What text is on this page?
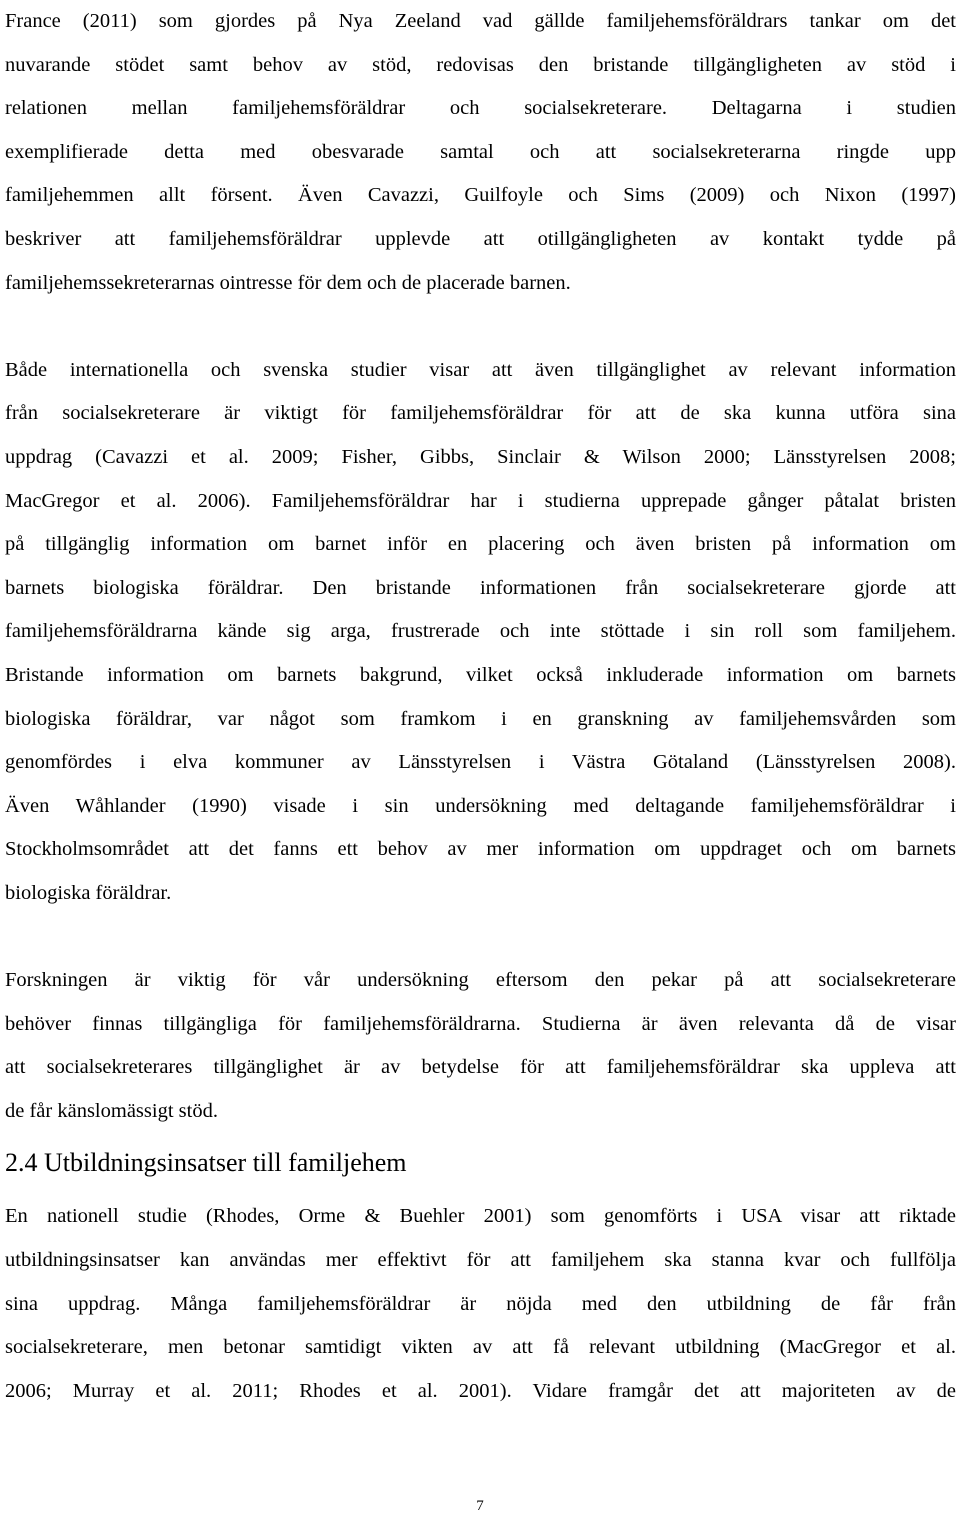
France (2011) som gjordes på Nya Zeeland vad gällde familjehemsföräldrars tankar om det
nuvarande stödet samt behov av stöd, redovisas den bristande tillgängligheten av stöd i
relationen mellan familjehemsföräldrar och socialsekreterare. Deltagarna i studien
exemplifierade detta med obesvarade samtal och att socialsekreterarna ringde upp
familjehemmen allt försent. Även Cavazzi, Guilfoyle och Sims (2009) och Nixon (1997)
beskriver att familjehemsföräldrar upplevde att otillgängligheten av kontakt tydde på
familjehemssekreterarnas ointresse för dem och de placerade barnen.
Både internationella och svenska studier visar att även tillgänglighet av relevant information
från socialsekreterare är viktigt för familjehemsföräldrar för att de ska kunna utföra sina
uppdrag (Cavazzi et al. 2009; Fisher, Gibbs, Sinclair & Wilson 2000; Länsstyrelsen 2008;
MacGregor et al. 2006). Familjehemsföräldrar har i studierna upprepade gånger påtalat bristen
på tillgänglig information om barnet inför en placering och även bristen på information om
barnets biologiska föräldrar. Den bristande informationen från socialsekreterare gjorde att
familjehemsföräldrarna kände sig arga, frustrerade och inte stöttade i sin roll som familjehem.
Bristande information om barnets bakgrund, vilket också inkluderade information om barnets
biologiska föräldrar, var något som framkom i en granskning av familjehemsvården som
genomfördes i elva kommuner av Länsstyrelsen i Västra Götaland (Länsstyrelsen 2008).
Även Wåhlander (1990) visade i sin undersökning med deltagande familjehemsföräldrar i
Stockholmsområdet att det fanns ett behov av mer information om uppdraget och om barnets
biologiska föräldrar.
Forskningen är viktig för vår undersökning eftersom den pekar på att socialsekreterare
behöver finnas tillgängliga för familjehemsföräldrarna. Studierna är även relevanta då de visar
att socialsekreterares tillgänglighet är av betydelse för att familjehemsföräldrar ska uppleva att
de får känslomässigt stöd.
2.4 Utbildningsinsatser till familjehem
En nationell studie (Rhodes, Orme & Buehler 2001) som genomförts i USA visar att riktade
utbildningsinsatser kan användas mer effektivt för att familjehem ska stanna kvar och fullfölja
sina uppdrag. Många familjehemsföräldrar är nöjda med den utbildning de får från
socialsekreterare, men betonar samtidigt vikten av att få relevant utbildning (MacGregor et al.
2006; Murray et al. 2011; Rhodes et al. 2001). Vidare framgår det att majoriteten av de
7
